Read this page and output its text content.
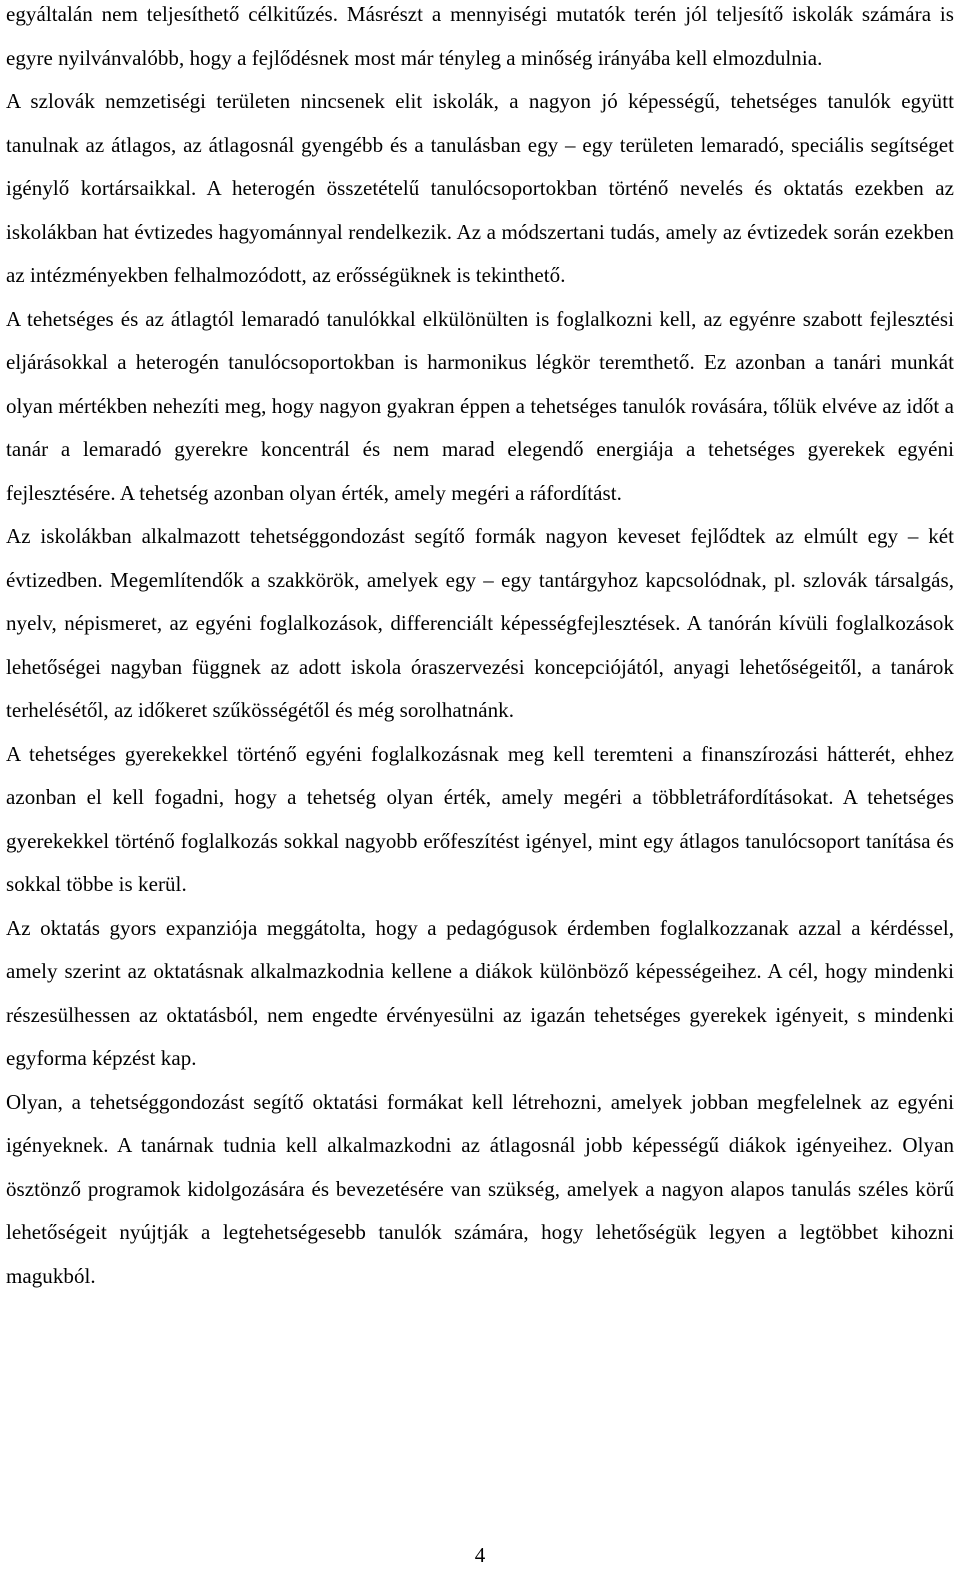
egyáltalán nem teljesíthető célkitűzés. Másrészt a mennyiségi mutatók terén jól teljesítő iskolák számára is egyre nyilvánvalóbb, hogy a fejlődésnek most már tényleg a minőség irányába kell elmozdulnia.

A szlovák nemzetiségi területen nincsenek elit iskolák, a nagyon jó képességű, tehetséges tanulók együtt tanulnak az átlagos, az átlagosnál gyengébb és a tanulásban egy – egy területen lemaradó, speciális segítséget igénylő kortársaikkal. A heterogén összetételű tanulócsoportokban történő nevelés és oktatás ezekben az iskolákban hat évtizedes hagyománnyal rendelkezik. Az a módszertani tudás, amely az évtizedek során ezekben az intézményekben felhalmozódott, az erősségüknek is tekinthető.

A tehetséges és az átlagtól lemaradó tanulókkal elkülönülten is foglalkozni kell, az egyénre szabott fejlesztési eljárásokkal a heterogén tanulócsoportokban is harmonikus légkör teremthető. Ez azonban a tanári munkát olyan mértékben nehezíti meg, hogy nagyon gyakran éppen a tehetséges tanulók rovására, tőlük elvéve az időt a tanár a lemaradó gyerekre koncentrál és nem marad elegendő energiája a tehetséges gyerekek egyéni fejlesztésére. A tehetség azonban olyan érték, amely megéri a ráfordítást.

Az iskolákban alkalmazott tehetséggondozást segítő formák nagyon keveset fejlődtek az elmúlt egy – két évtizedben. Megemlítendők a szakkörök, amelyek egy – egy tantárgyhoz kapcsolódnak, pl. szlovák társalgás, nyelv, népismeret, az egyéni foglalkozások, differenciált képességfejlesztések. A tanórán kívüli foglalkozások lehetőségei nagyban függnek az adott iskola óraszervezési koncepciójától, anyagi lehetőségeitől, a tanárok terhelésétől, az időkeret szűkösségétől és még sorolhatnánk.

A tehetséges gyerekekkel történő egyéni foglalkozásnak meg kell teremteni a finanszírozási hátterét, ehhez azonban el kell fogadni, hogy a tehetség olyan érték, amely megéri a többletráfordításokat. A tehetséges gyerekekkel történő foglalkozás sokkal nagyobb erőfeszítést igényel, mint egy átlagos tanulócsoport tanítása és sokkal többe is kerül.

Az oktatás gyors expanziója meggátolta, hogy a pedagógusok érdemben foglalkozzanak azzal a kérdéssel, amely szerint az oktatásnak alkalmazkodnia kellene a diákok különböző képességeihez. A cél, hogy mindenki részesülhessen az oktatásból, nem engedte érvényesülni az igazán tehetséges gyerekek igényeit, s mindenki egyforma képzést kap.

Olyan, a tehetséggondozást segítő oktatási formákat kell létrehozni, amelyek jobban megfelelnek az egyéni igényeknek. A tanárnak tudnia kell alkalmazkodni az átlagosnál jobb képességű diákok igényeihez. Olyan ösztönző programok kidolgozására és bevezetésére van szükség, amelyek a nagyon alapos tanulás széles körű lehetőségeit nyújtják a legtehetségesebb tanulók számára, hogy lehetőségük legyen a legtöbbet kihozni magukból.

4
